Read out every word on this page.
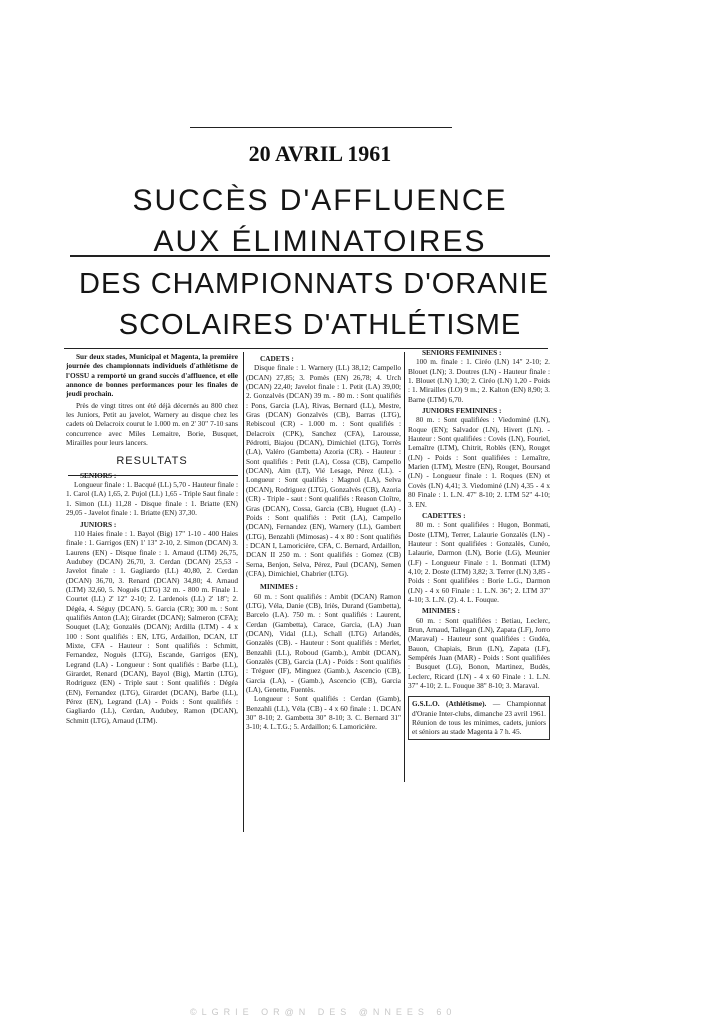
20 AVRIL 1961
SUCCÈS D'AFFLUENCE
AUX ÉLIMINATOIRES
DES CHAMPIONNATS D'ORANIE
SCOLAIRES D'ATHLÉTISME

Sur deux stades, Municipal et Magenta, la première journée des championnats individuels d'athlétisme de l'OSSU a remporté un grand succès d'affluence, et elle annonce de bonnes performances pour les finales de jeudi prochain.

Près de vingt titres ont été déjà décernés au 800 chez les Juniors, Petit au javelot, Warnery au disque chez les cadets où Delacroix courut le 1.000 m. en 2' 30" 7-10 sans concurrence avec Miles Lemaitre, Borie, Busquet, Mirailles pour leurs lancers.

RESULTATS

SENIORS :

Longueur finale : 1. Bacqué (LL) 5,70 - Hauteur finale : 1. Carol (LA) 1,65, 2. Pujol (LL) 1,65 - Triple Saut finale : 1. Simon (LL) 11,28 - Disque finale : 1. Briatte (EN) 29,05 - Javelot finale : 1. Briatte (EN) 37,30.

JUNIORS :

110 Haies finale : 1. Bayol (Big) 17" 1-10 - 400 Haies finale : 1. Garrigos (EN) 1' 13" 2-10, 2. Simon (DCAN) 3. Laurens (EN) - Disque finale : 1. Arnaud (LTM) 26,75, Audubey (DCAN) 26,70, 3. Cerdan (DCAN) 25,53 - Javelot finale : 1. Gagliardo (LL) 40,80, 2. Cerdan (DCAN) 36,70, 3. Renard (DCAN) 34,80; 4. Arnaud (LTM) 32,60, 5. Noguès (LTG) 32 m. - 800 m. Finale 1. Courtet (LL) 2' 12" 2-10; 2. Lardenois (LL) 2' 18"; 2. Dégéa, 4. Séguy (DCAN). 5. Garcia (CR); 300 m. : Sont qualifiés Anton (LA); Girardet (DCAN); Salmeron (CFA); Souquet (LA); Gonzalès (DCAN); Ardilla (LTM) - 4 x 100 : Sont qualifiés : EN, LTG, Ardaillon, DCAN, LT Mixte, CFA - Hauteur : Sont qualifiés : Schmitt, Fernandez, Noguès (LTG), Escande, Garrigos (EN), Legrand (LA) - Longueur : Sont qualifiés : Barbe (LL), Girardet, Renard (DCAN), Bayol (Big), Martin (LTG), Rodriguez (EN) - Triple saut : Sont qualifiés : Dégéa (EN), Fernandez (LTG), Girardet (DCAN), Barbe (LL), Pérez (EN), Legrand (LA) - Poids : Sont qualifiés : Gagliardo (LL), Cerdan, Audubey, Ramon (DCAN), Schmitt (LTG), Arnaud (LTM).

CADETS :

Disque finale : 1. Warnery (LL) 38,12; Campello (DCAN) 27,85; 3. Pomès (EN) 26,78; 4. Urch (DCAN) 22,40; Javelot finale : 1. Petit (LA) 39,00; 2. Gonzalvès (DCAN) 39 m. - 80 m. : Sont qualifiés : Pons, Garcia (LA), Rivas, Bernard (LL), Mestre, Gras (DCAN) Gonzalvès (CB), Barras (LTG), Rebiscoul (CR) - 1.000 m. : Sont qualifiés : Delacroix (CPK), Sanchez (CFA), Larousse, Pédrotti, Biajou (DCAN), Dimichiel (LTG), Torrès (LA), Valéro (Gambetta) Azoria (CR). - Hauteur : Sont qualifiés : Petit (LA), Cossa (CB), Campello (DCAN), Aim (LT), Vié Lesage, Pérez (LL). - Longueur : Sont qualifiés : Magnol (LA), Selva (DCAN), Rodriguez (LTG), Gonzalvès (CB), Azoria (CR) - Triple - saut : Sont qualifiés : Reason Cloître, Gras (DCAN), Cossa, Garcia (CB), Huguet (LA) - Poids : Sont qualifiés : Petit (LA), Campello (DCAN), Fernandez (EN), Warnery (LL), Gambert (LTG), Benzahli (Mimosas) - 4 x 80 : Sont qualifiés : DCAN I, Lamoricière, CFA, C. Bernard, Ardaillon, DCAN II 250 m. : Sont qualifiés : Gomez (CB) Serna, Benjon, Selva, Pérez, Paul (DCAN), Semen (CFA), Dimichiel, Chabrier (LTG).

MINIMES :

60 m. : Sont qualifiés : Ambit (DCAN) Ramon (LTG), Véla, Danie (CB), Iriès, Durand (Gambetta), Barcelo (LA). 750 m. : Sont qualifiés : Laurent, Cerdan (Gambetta), Carace, Garcia, (LA) Juan (DCAN), Vidal (LL), Schall (LTG) Arlandès, Gonzalès (CB). - Hauteur : Sont qualifiés : Merlet, Benzahli (LL), Roboud (Gamb.), Ambit (DCAN), Gonzalès (CB), Garcia (LA) - Poids : Sont qualifiés : Tréguer (IF), Minguez (Gamb.), Ascencio (CB), Garcia (LA), - (Gamb.), Ascencio (CB), Garcia (LA), Genette, Fuentès.

Longueur : Sont qualifiés : Cerdan (Gamb), Benzahli (LL), Véla (CB) - 4 x 60 finale : 1. DCAN 30" 8-10; 2. Gambetta 30" 8-10; 3. C. Bernard 31" 3-10; 4. L.T.G.; 5. Ardaillon; 6. Lamoricière.

SENIORS FEMININES :

100 m. finale : 1. Ciréo (LN) 14" 2-10; 2. Blouet (LN); 3. Doutres (LN) - Hauteur finale : 1. Blouet (LN) 1,30; 2. Ciréo (LN) 1,20 - Poids : 1. Mirailles (LO) 9 m.; 2. Kalton (EN) 8,90; 3. Barne (LTM) 6,70.

JUNIORS FEMININES :

80 m. : Sont qualifiées : Viedominé (LN), Roque (EN); Salvador (LN), Hivert (LN). - Hauteur : Sont qualifiées : Covès (LN), Fouriel, Lemaître (LTM), Chitrit, Roblès (EN), Rouget (LN) - Poids : Sont qualifiées : Lemaître, Marien (LTM), Mestre (EN), Rouget, Boursand (LN) - Longueur finale : 1. Roques (EN) et Covès (LN) 4,41; 3. Viedominé (LN) 4,35 - 4 x 80 Finale : 1. L.N. 47" 8-10; 2. LTM 52" 4-10; 3. EN.

CADETTES :

80 m. : Sont qualifiées : Hugon, Bonmati, Doste (LTM), Terrer, Lalaurie Gonzalès (LN) - Hauteur : Sont qualifiées : Gonzalès, Cunéo, Lalaurie, Darmon (LN), Borie (LG), Meunier (LF) - Longueur Finale : 1. Bonmati (LTM) 4,10; 2. Doste (LTM) 3,82; 3. Terrer (LN) 3,85 - Poids : Sont qualifiées : Borie L.G., Darmon (LN) - 4 x 60 Finale : 1. L.N. 36"; 2. LTM 37" 4-10; 3. L.N. (2). 4. L. Fouque.

MINIMES :

60 m. : Sont qualifiées : Betiau, Leclerc, Brun, Arnaud, Tallegan (LN), Zapata (LF), Jorro (Maraval) - Hauteur sont qualifiées : Gudéa, Bauon, Chapiais, Brun (LN), Zapata (LF), Sempérés Juan (MAR) - Poids : Sont qualifiées : Busquet (LG), Bonon, Martinez, Budès, Leclerc, Ricard (LN) - 4 x 60 Finale : 1. L.N. 37" 4-10; 2. L. Fouque 38" 8-10; 3. Maraval.

G.S.L.O. (Athlétisme). — Championnat d'Oranie Inter-clubs, dimanche 23 avril 1961. Réunion de tous les minimes, cadets, juniors et séniors au stade Magenta à 7 h. 45.

©LGRIE OR@N DES @NNEES 60
